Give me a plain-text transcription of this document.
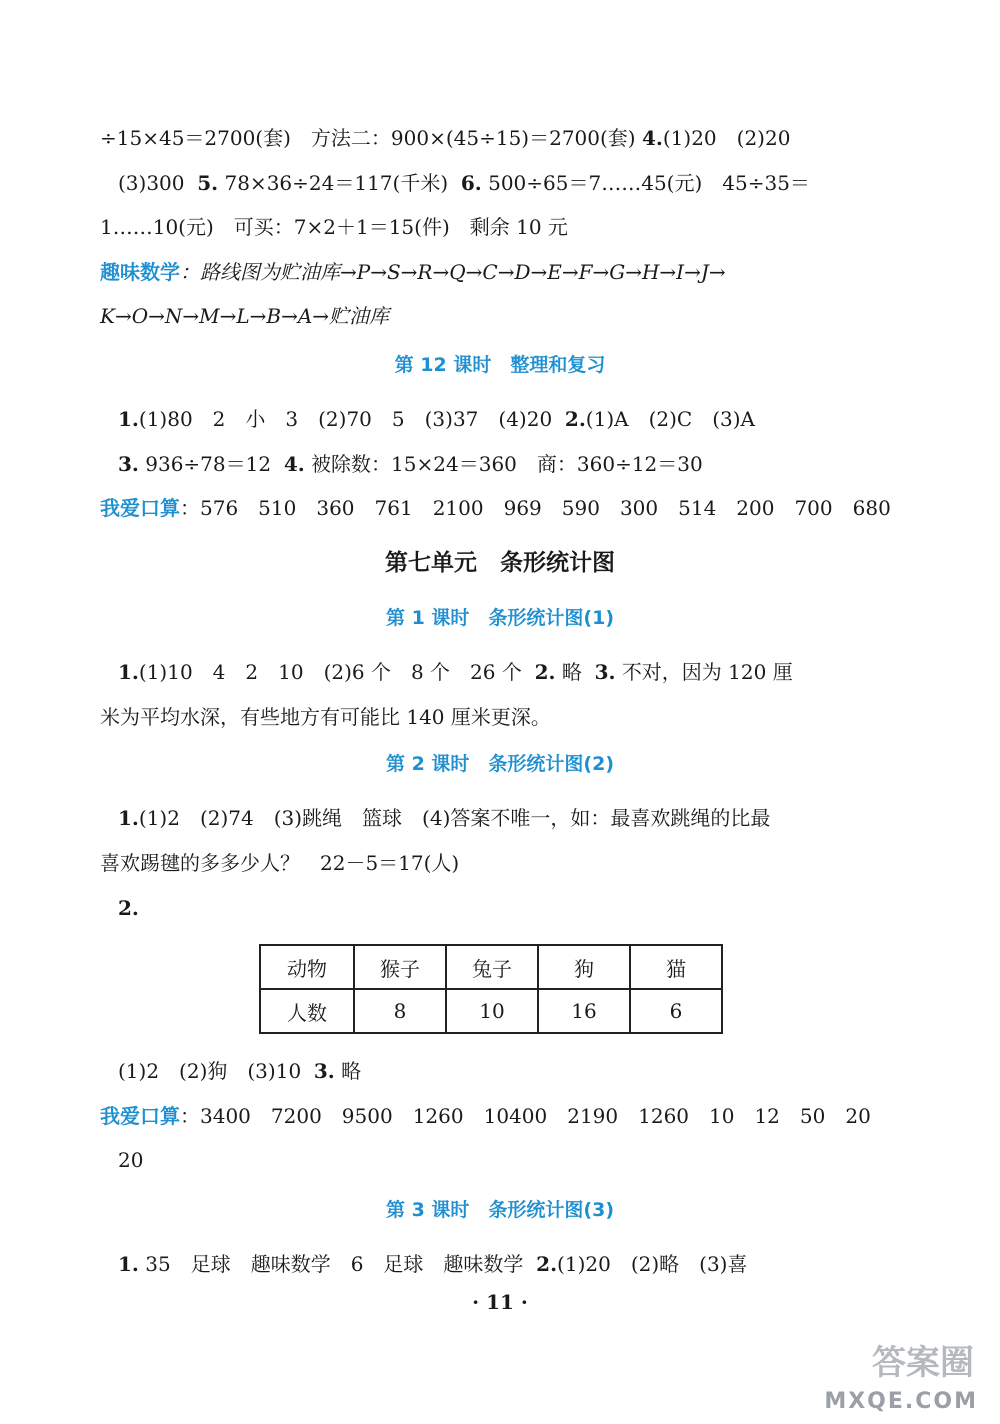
÷15×45＝2700(套)　方法二：900×(45÷15)＝2700(套) 4.(1)20　(2)20
(3)300 5. 78×36÷24＝117(千米) 6. 500÷65＝7……45(元)　45÷35＝
1……10(元)　可买：7×2＋1＝15(件)　剩余 10 元
趣味数学：路线图为贮油库→P→S→R→Q→C→D→E→F→G→H→I→J→
K→O→N→M→L→B→A→贮油库
第 12 课时　整理和复习
1.(1)80　2　小　3　(2)70　5　(3)37　(4)20 2.(1)A　(2)C　(3)A
3. 936÷78＝12 4. 被除数：15×24＝360　商：360÷12＝30
我爱口算：576　510　360　761　2100　969　590　300　514　200　700　680
第七单元　条形统计图
第 1 课时　条形统计图(1)
1.(1)10　4　2　10　(2)6 个　8 个　26 个 2. 略 3. 不对，因为 120 厘
米为平均水深，有些地方有可能比 140 厘米更深。
第 2 课时　条形统计图(2)
1.(1)2　(2)74　(3)跳绳　篮球　(4)答案不唯一，如：最喜欢跳绳的比最
喜欢踢毽的多多少人？　22－5＝17(人)
2.
动物	猴子	兔子	狗	猫
人数	8	10	16	6
(1)2　(2)狗　(3)10 3. 略
我爱口算：3400　7200　9500　1260　10400　2190　1260　10　12　50　20
20
第 3 课时　条形统计图(3)
1. 35　足球　趣味数学　6　足球　趣味数学 2.(1)20　(2)略　(3)喜
· 11 ·
答案圈
MXQE.COM
